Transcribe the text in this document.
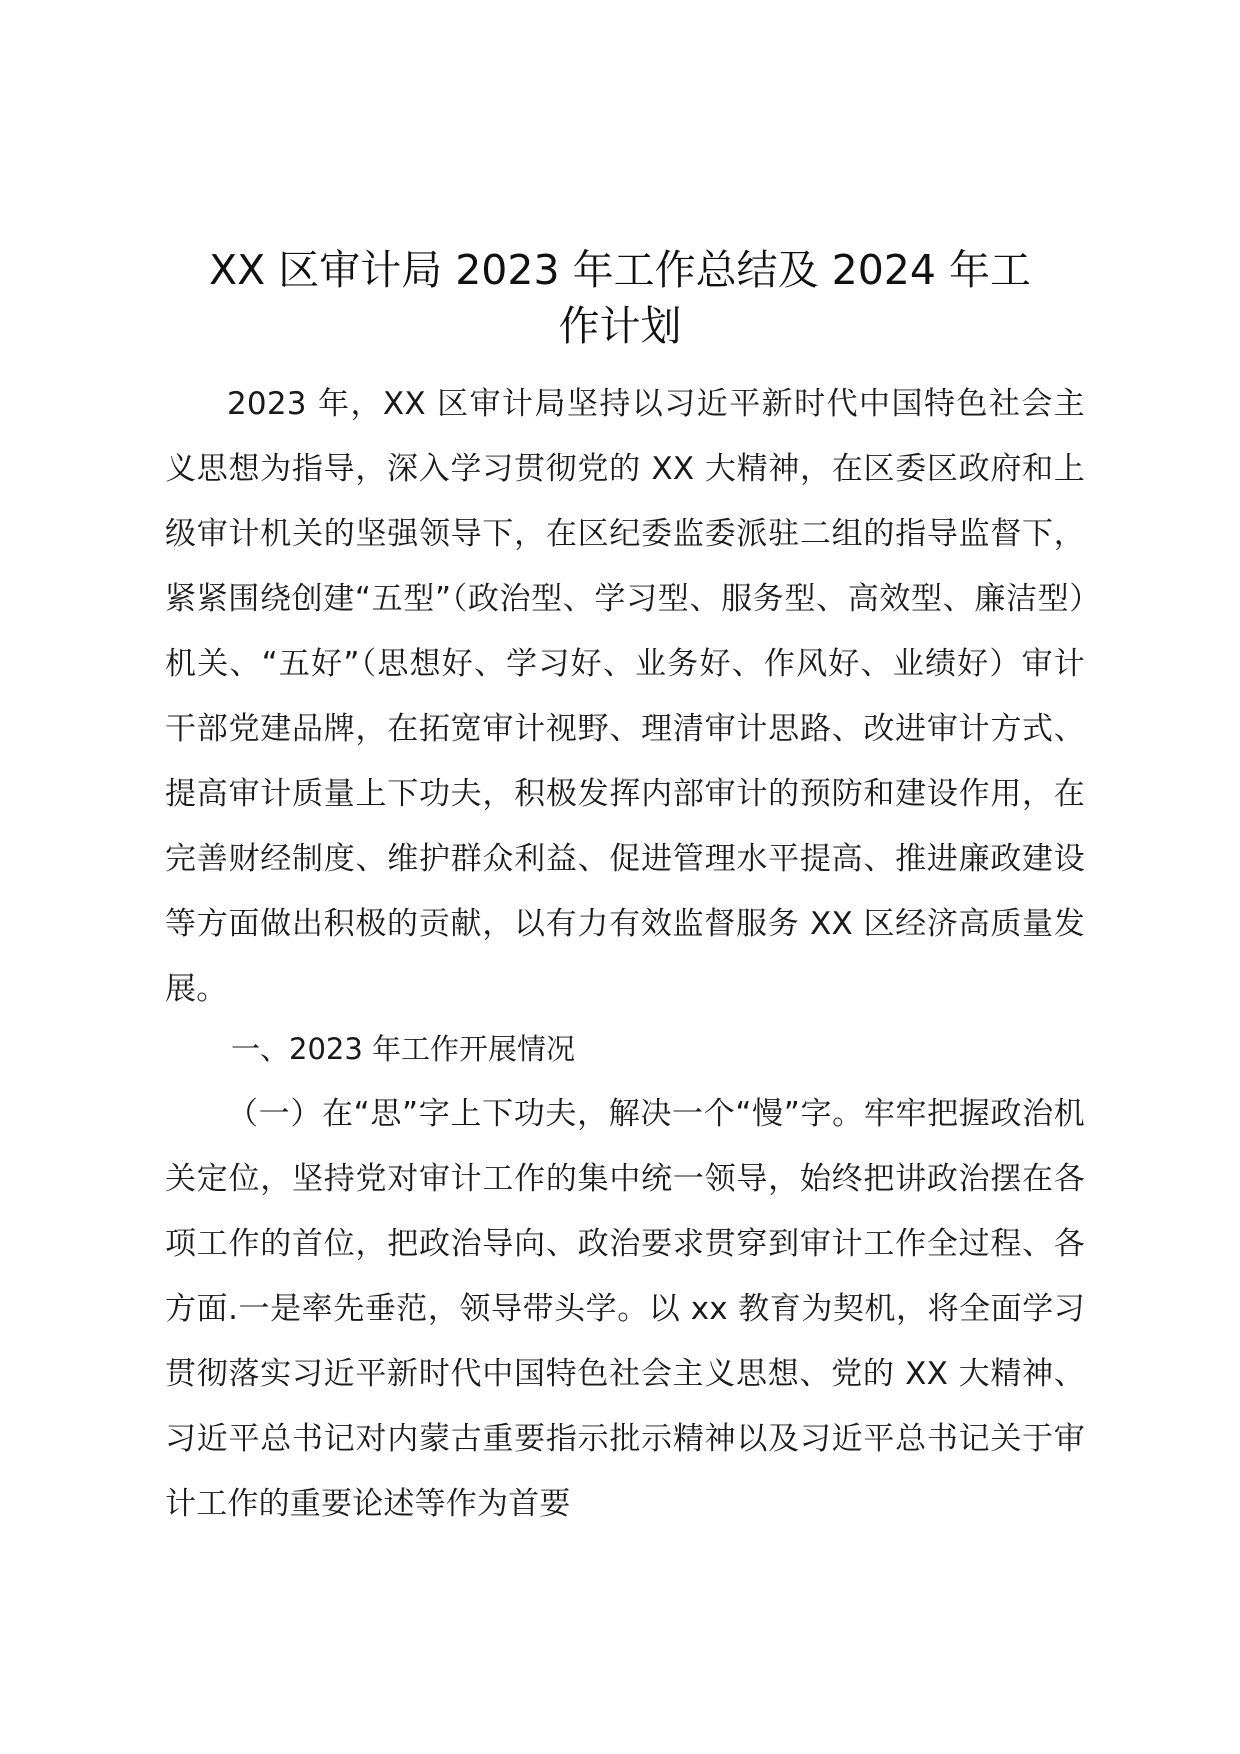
XX 区审计局 2023 年工作总结及 2024 年工
作计划

2023 年，XX 区审计局坚持以习近平新时代中国特色社会主义思想为指导，深入学习贯彻党的 XX 大精神，在区委区政府和上级审计机关的坚强领导下，在区纪委监委派驻二组的指导监督下，紧紧围绕创建“五型”（政治型、学习型、服务型、高效型、廉洁型）机关、“五好”（思想好、学习好、业务好、作风好、业绩好）审计干部党建品牌，在拓宽审计视野、理清审计思路、改进审计方式、提高审计质量上下功夫，积极发挥内部审计的预防和建设作用，在完善财经制度、维护群众利益、促进管理水平提高、推进廉政建设等方面做出积极的贡献，以有力有效监督服务 XX 区经济高质量发展。

一、2023 年工作开展情况

（一）在“思”字上下功夫，解决一个“慢”字。牢牢把握政治机关定位，坚持党对审计工作的集中统一领导，始终把讲政治摆在各项工作的首位，把政治导向、政治要求贯穿到审计工作全过程、各方面.一是率先垂范，领导带头学。以 xx 教育为契机，将全面学习贯彻落实习近平新时代中国特色社会主义思想、党的 XX 大精神、习近平总书记对内蒙古重要指示批示精神以及习近平总书记关于审计工作的重要论述等作为首要
